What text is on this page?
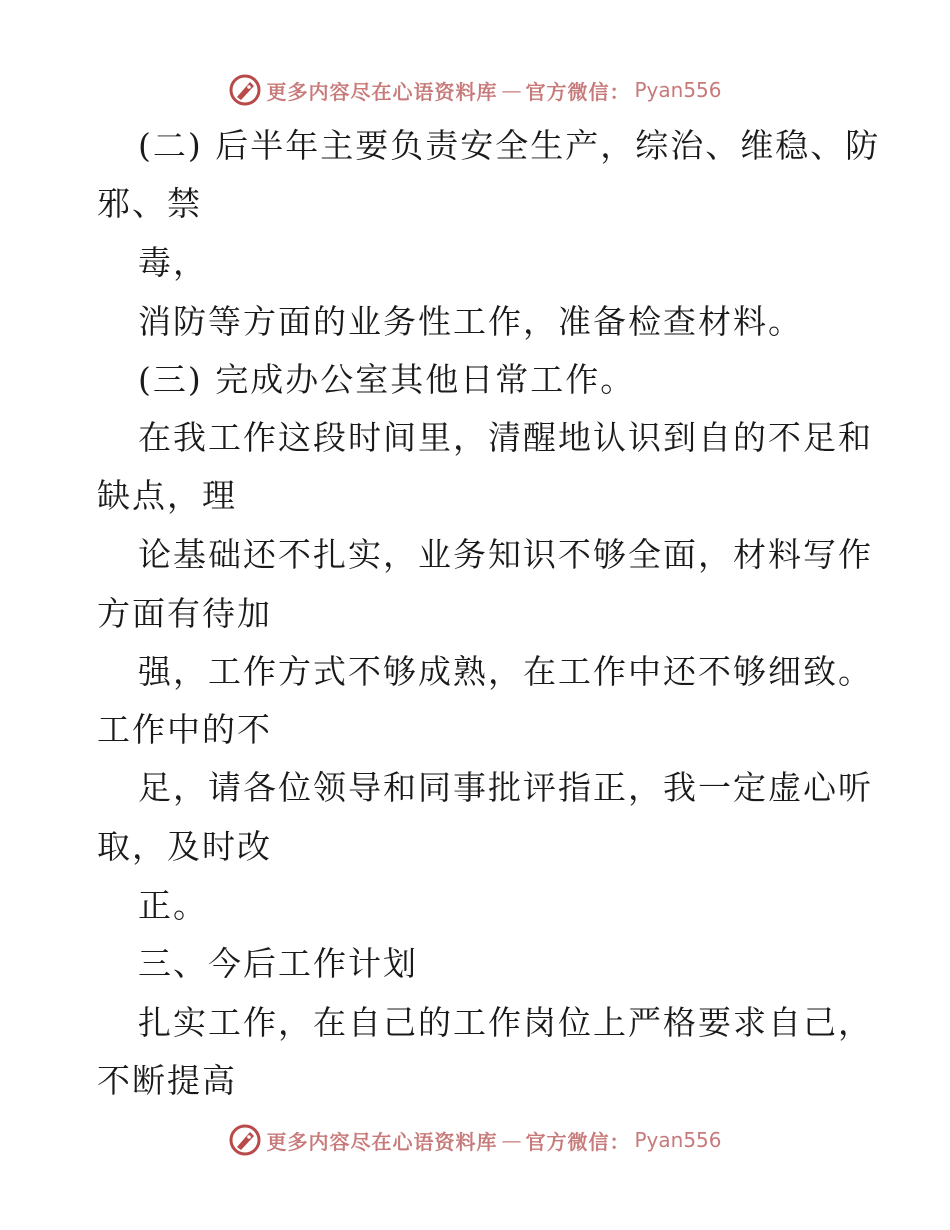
更多内容尽在心语资料库 — 官方微信： Pyan556
(二) 后半年主要负责安全生产，综治、维稳、防
邪、禁
毒，
消防等方面的业务性工作，准备检查材料。
(三) 完成办公室其他日常工作。
在我工作这段时间里，清醒地认识到自的不足和
缺点，理
论基础还不扎实，业务知识不够全面，材料写作
方面有待加
强，工作方式不够成熟，在工作中还不够细致。
工作中的不
足，请各位领导和同事批评指正，我一定虚心听
取，及时改
正。
三、今后工作计划
扎实工作，在自己的工作岗位上严格要求自己，
不断提高
更多内容尽在心语资料库 — 官方微信： Pyan556
